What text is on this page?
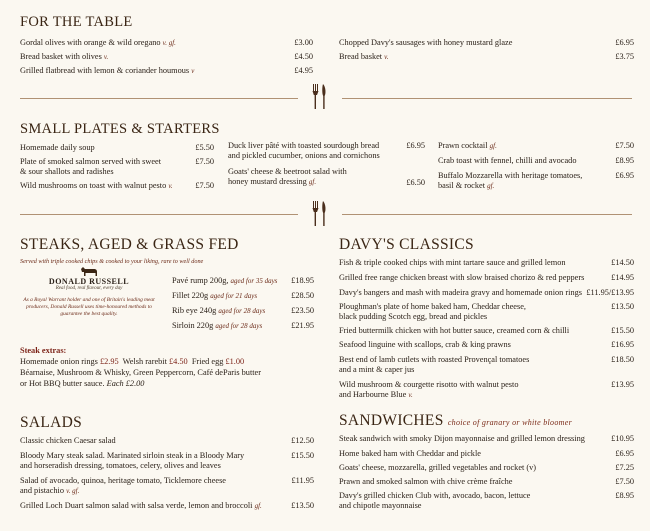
FOR THE TABLE
Gordal olives with orange & wild oregano v. gf.	£3.00
Bread basket with olives v.	£4.50
Grilled flatbread with lemon & coriander houmous v	£4.95
Chopped Davy's sausages with honey mustard glaze	£6.95
Bread basket v.	£3.75
SMALL PLATES & STARTERS
Homemade daily soup	£5.50
Plate of smoked salmon served with sweet
& sour shallots and radishes
£7.50
Wild mushrooms on toast with walnut pesto v.	£7.50
Duck liver pâté with toasted sourdough bread
and pickled cucumber, onions and cornichons
£6.95
Goats' cheese & beetroot salad with
honey mustard dressing gf.	£6.50
Prawn cocktail gf.	£7.50
Crab toast with fennel, chilli and avocado	£8.95
Buffalo Mozzarella with heritage tomatoes,
basil & rocket gf.
£6.95
STEAKS, AGED & GRASS FED
Served with triple cooked chips & cooked to your liking, rare to well done
DONALD RUSSELL
Real food, real flavour, every day
As a Royal Warrant holder and one of Britain's leading meat producers, Donald Russell uses time-honoured methods to guarantee the best quality.
Pavé rump 200g, aged for 35 days £18.95
Fillet 220g aged for 21 days	£28.50
Rib eye 240g aged for 28 days	£23.50
Sirloin 220g aged for 28 days	£21.95
Steak extras:
Homemade onion rings £2.95 Welsh rarebit £4.50 Fried egg £1.00
Béarnaise, Mushroom & Whisky, Green Peppercorn, Café deParis butter
or Hot BBQ butter sauce. Each £2.00
DAVY'S CLASSICS
Fish & triple cooked chips with mint tartare sauce and grilled lemon	£14.50
Grilled free range chicken breast with slow braised chorizo & red peppers	£14.95
Davy's bangers and mash with madeira gravy and homemade onion rings £11.95/£13.95
Ploughman's plate of home baked ham, Cheddar cheese,
black pudding Scotch egg, bread and pickles
£13.50
Fried buttermilk chicken with hot butter sauce, creamed corn & chilli	£15.50
Seafood linguine with scallops, crab & king prawns	£16.95
Best end of lamb cutlets with roasted Provençal tomatoes
and a mint & caper jus
£18.50
Wild mushroom & courgette risotto with walnut pesto
and Harbourne Blue v.
£13.95
SALADS
Classic chicken Caesar salad	£12.50
Bloody Mary steak salad. Marinated sirloin steak in a Bloody Mary
and horseradish dressing, tomatoes, celery, olives and leaves
£15.50
Salad of avocado, quinoa, heritage tomato, Ticklemore cheese
and pistachio v. gf.
£11.95
Grilled Loch Duart salmon salad with salsa verde, lemon and broccoli gf.	£13.50
SANDWICHES choice of granary or white bloomer
Steak sandwich with smoky Dijon mayonnaise and grilled lemon dressing	£10.95
Home baked ham with Cheddar and pickle	£6.95
Goats' cheese, mozzarella, grilled vegetables and rocket (v)	£7.25
Prawn and smoked salmon with chive crème fraîche	£7.50
Davy's grilled chicken Club with, avocado, bacon, lettuce
and chipotle mayonnaise
£8.95
